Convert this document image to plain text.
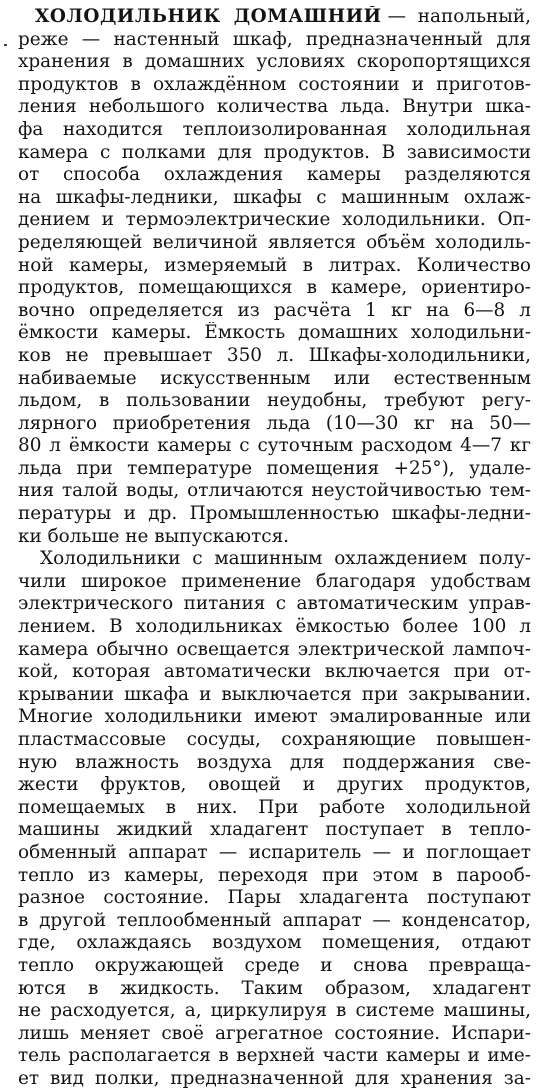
ХОЛОДИЛЬНИК ДОМАШНИЙ — напольный,
реже — настенный шкаф, предназначенный для
хранения в домашних условиях скоропортящихся
продуктов в охлаждённом состоянии и приготов-
ления небольшого количества льда. Внутри шка-
фа находится теплоизолированная холодильная
камера с полками для продуктов. В зависимости
от способа охлаждения камеры разделяются
на шкафы-ледники, шкафы с машинным охлаж-
дением и термоэлектрические холодильники. Оп-
ределяющей величиной является объём холодиль-
ной камеры, измеряемый в литрах. Количество
продуктов, помещающихся в камере, ориентиро-
вочно определяется из расчёта 1 кг на 6—8 л
ёмкости камеры. Ёмкость домашних холодильни-
ков не превышает 350 л. Шкафы-холодильники,
набиваемые искусственным или естественным
льдом, в пользовании неудобны, требуют регу-
лярного приобретения льда (10—30 кг на 50—
80 л ёмкости камеры с суточным расходом 4—7 кг
льда при температуре помещения +25°), удале-
ния талой воды, отличаются неустойчивостью тем-
пературы и др. Промышленностью шкафы-ледни-
ки больше не выпускаются.
Холодильники с машинным охлаждением полу-
чили широкое применение благодаря удобствам
электрического питания с автоматическим управ-
лением. В холодильниках ёмкостью более 100 л
камера обычно освещается электрической лампоч-
кой, которая автоматически включается при от-
крывании шкафа и выключается при закрывании.
Многие холодильники имеют эмалированные или
пластмассовые сосуды, сохраняющие повышен-
ную влажность воздуха для поддержания све-
жести фруктов, овощей и других продуктов,
помещаемых в них. При работе холодильной
машины жидкий хладагент поступает в тепло-
обменный аппарат — испаритель — и поглощает
тепло из камеры, переходя при этом в парооб-
разное состояние. Пары хладагента поступают
в другой теплообменный аппарат — конденсатор,
где, охлаждаясь воздухом помещения, отдают
тепло окружающей среде и снова превраща-
ются в жидкость. Таким образом, хладагент
не расходуется, а, циркулируя в системе машины,
лишь меняет своё агрегатное состояние. Испари-
тель располагается в верхней части камеры и име-
ет вид полки, предназначенной для хранения за-
